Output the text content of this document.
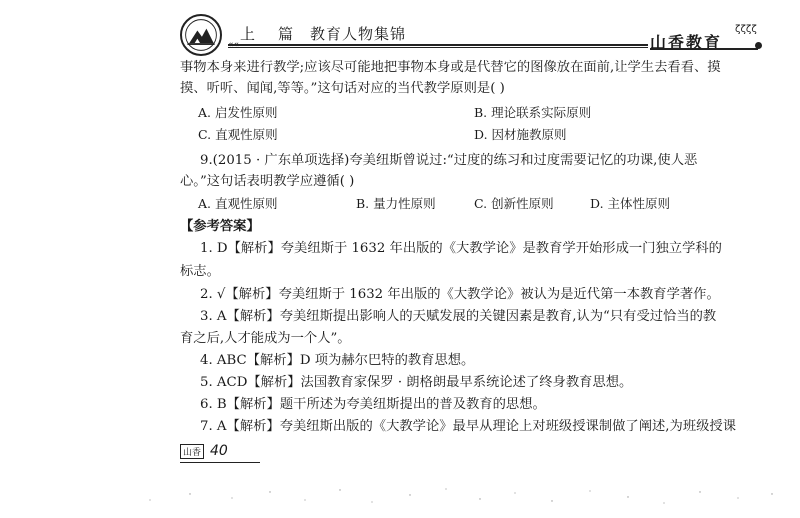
上 篇 教育人物集锦
««	山香教育
ζζζζ
事物本身来进行教学;应该尽可能地把事物本身或是代替它的图像放在面前,让学生去看看、摸
摸、听听、闻闻,等等。”这句话对应的当代教学原则是( )
A. 启发性原则	B. 理论联系实际原则
C. 直观性原则	D. 因材施教原则
9.(2015 · 广东单项选择)夸美纽斯曾说过:“过度的练习和过度需要记忆的功课,使人恶
心。”这句话表明教学应遵循( )
A. 直观性原则	B. 量力性原则	C. 创新性原则	D. 主体性原则
【参考答案】
1. D【解析】夸美纽斯于 1632 年出版的《大教学论》是教育学开始形成一门独立学科的
标志。
2. √【解析】夸美纽斯于 1632 年出版的《大教学论》被认为是近代第一本教育学著作。
3. A【解析】夸美纽斯提出影响人的天赋发展的关键因素是教育,认为“只有受过恰当的教
育之后,人才能成为一个人”。
4. ABC【解析】D 项为赫尔巴特的教育思想。
5. ACD【解析】法国教育家保罗 · 朗格朗最早系统论述了终身教育思想。
6. B【解析】题干所述为夸美纽斯提出的普及教育的思想。
7. A【解析】夸美纽斯出版的《大教学论》最早从理论上对班级授课制做了阐述,为班级授课
山香 40
